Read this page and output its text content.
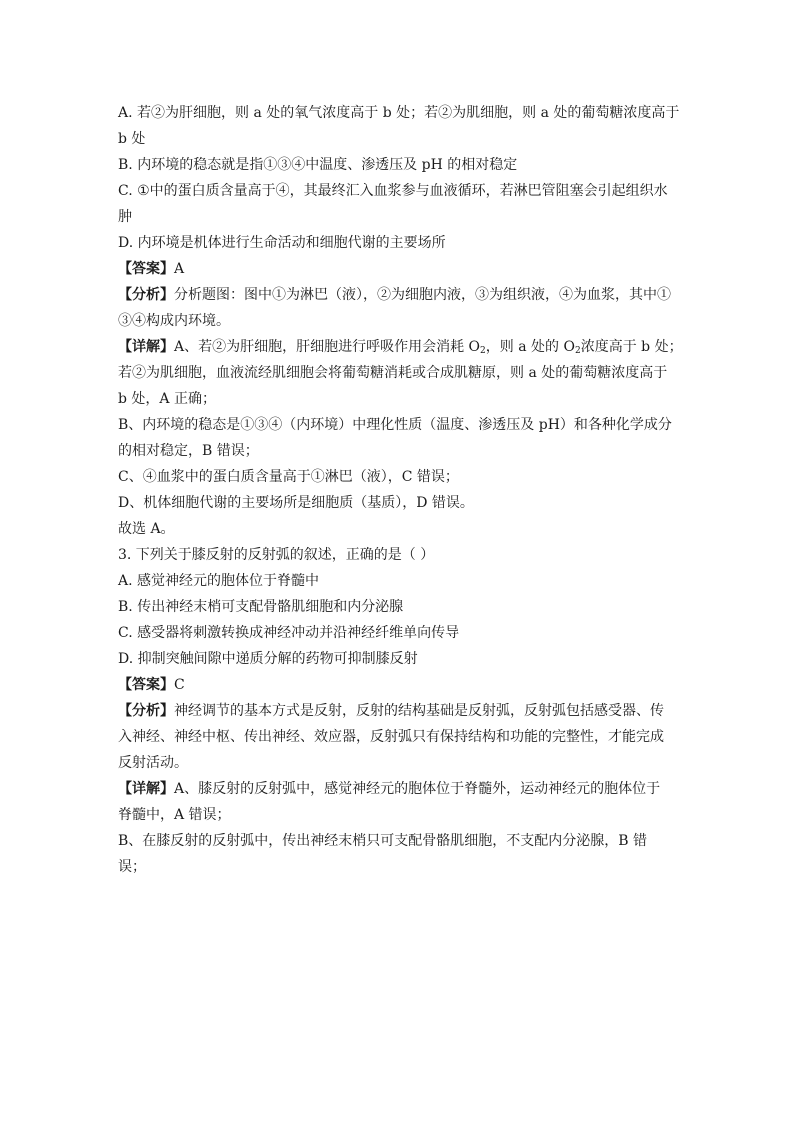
A. 若②为肝细胞，则 a 处的氧气浓度高于 b 处；若②为肌细胞，则 a 处的葡萄糖浓度高于
b 处
B. 内环境的稳态就是指①③④中温度、渗透压及 pH 的相对稳定
C. ①中的蛋白质含量高于④，其最终汇入血浆参与血液循环，若淋巴管阻塞会引起组织水
肿
D. 内环境是机体进行生命活动和细胞代谢的主要场所
【答案】A
【分析】分析题图：图中①为淋巴（液），②为细胞内液，③为组织液，④为血浆，其中①
③④构成内环境。
【详解】A、若②为肝细胞，肝细胞进行呼吸作用会消耗 $O_2$，则 a 处的 $O_2$浓度高于 b 处；
若②为肌细胞，血液流经肌细胞会将葡萄糖消耗或合成肌糖原，则 a 处的葡萄糖浓度高于
b 处，A 正确；
B、内环境的稳态是①③④（内环境）中理化性质（温度、渗透压及 pH）和各种化学成分
的相对稳定，B 错误；
C、④血浆中的蛋白质含量高于①淋巴（液），C 错误；
D、机体细胞代谢的主要场所是细胞质（基质），D 错误。
故选 A。
3. 下列关于膝反射的反射弧的叙述，正确的是（ ）
A. 感觉神经元的胞体位于脊髓中
B. 传出神经末梢可支配骨骼肌细胞和内分泌腺
C. 感受器将刺激转换成神经冲动并沿神经纤维单向传导
D. 抑制突触间隙中递质分解的药物可抑制膝反射
【答案】C
【分析】神经调节的基本方式是反射，反射的结构基础是反射弧，反射弧包括感受器、传
入神经、神经中枢、传出神经、效应器，反射弧只有保持结构和功能的完整性，才能完成
反射活动。
【详解】A、膝反射的反射弧中，感觉神经元的胞体位于脊髓外，运动神经元的胞体位于
脊髓中，A 错误；
B、在膝反射的反射弧中，传出神经末梢只可支配骨骼肌细胞，不支配内分泌腺，B 错
误；
